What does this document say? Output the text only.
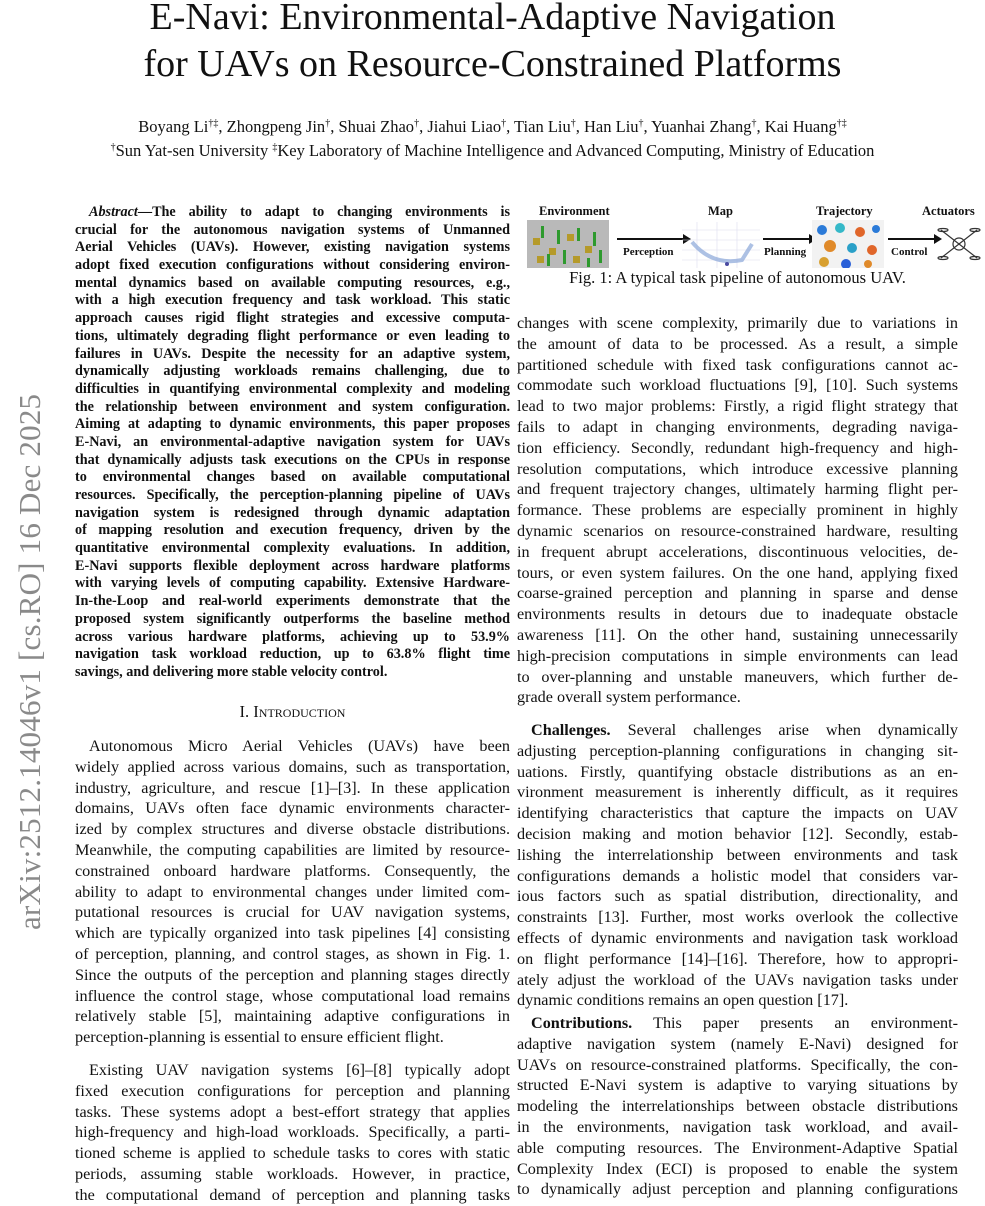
E-Navi: Environmental-Adaptive Navigation
for UAVs on Resource-Constrained Platforms
Boyang Li†‡, Zhongpeng Jin†, Shuai Zhao†, Jiahui Liao†, Tian Liu†, Han Liu†, Yuanhai Zhang†, Kai Huang†‡
†Sun Yat-sen University ‡Key Laboratory of Machine Intelligence and Advanced Computing, Ministry of Education
arXiv:2512.14046v1 [cs.RO] 16 Dec 2025
Abstract—The ability to adapt to changing environments is
crucial for the autonomous navigation systems of Unmanned
Aerial Vehicles (UAVs). However, existing navigation systems
adopt fixed execution configurations without considering environ-
mental dynamics based on available computing resources, e.g.,
with a high execution frequency and task workload. This static
approach causes rigid flight strategies and excessive computa-
tions, ultimately degrading flight performance or even leading to
failures in UAVs. Despite the necessity for an adaptive system,
dynamically adjusting workloads remains challenging, due to
difficulties in quantifying environmental complexity and modeling
the relationship between environment and system configuration.
Aiming at adapting to dynamic environments, this paper proposes
E-Navi, an environmental-adaptive navigation system for UAVs
that dynamically adjusts task executions on the CPUs in response
to environmental changes based on available computational
resources. Specifically, the perception-planning pipeline of UAVs
navigation system is redesigned through dynamic adaptation
of mapping resolution and execution frequency, driven by the
quantitative environmental complexity evaluations. In addition,
E-Navi supports flexible deployment across hardware platforms
with varying levels of computing capability. Extensive Hardware-
In-the-Loop and real-world experiments demonstrate that the
proposed system significantly outperforms the baseline method
across various hardware platforms, achieving up to 53.9%
navigation task workload reduction, up to 63.8% flight time
savings, and delivering more stable velocity control.
I. Introduction
Autonomous Micro Aerial Vehicles (UAVs) have been
widely applied across various domains, such as transportation,
industry, agriculture, and rescue [1]–[3]. In these application
domains, UAVs often face dynamic environments character-
ized by complex structures and diverse obstacle distributions.
Meanwhile, the computing capabilities are limited by resource-
constrained onboard hardware platforms. Consequently, the
ability to adapt to environmental changes under limited com-
putational resources is crucial for UAV navigation systems,
which are typically organized into task pipelines [4] consisting
of perception, planning, and control stages, as shown in Fig. 1.
Since the outputs of the perception and planning stages directly
influence the control stage, whose computational load remains
relatively stable [5], maintaining adaptive configurations in
perception-planning is essential to ensure efficient flight.
Existing UAV navigation systems [6]–[8] typically adopt
fixed execution configurations for perception and planning
tasks. These systems adopt a best-effort strategy that applies
high-frequency and high-load workloads. Specifically, a parti-
tioned scheme is applied to schedule tasks to cores with static
periods, assuming stable workloads. However, in practice,
the computational demand of perception and planning tasks
changes with scene complexity, primarily due to variations in
the amount of data to be processed. As a result, a simple
partitioned schedule with fixed task configurations cannot ac-
commodate such workload fluctuations [9], [10]. Such systems
lead to two major problems: Firstly, a rigid flight strategy that
fails to adapt in changing environments, degrading naviga-
tion efficiency. Secondly, redundant high-frequency and high-
resolution computations, which introduce excessive planning
and frequent trajectory changes, ultimately harming flight per-
formance. These problems are especially prominent in highly
dynamic scenarios on resource-constrained hardware, resulting
in frequent abrupt accelerations, discontinuous velocities, de-
tours, or even system failures. On the one hand, applying fixed
coarse-grained perception and planning in sparse and dense
environments results in detours due to inadequate obstacle
awareness [11]. On the other hand, sustaining unnecessarily
high-precision computations in simple environments can lead
to over-planning and unstable maneuvers, which further de-
grade overall system performance.
Challenges. Several challenges arise when dynamically
adjusting perception-planning configurations in changing sit-
uations. Firstly, quantifying obstacle distributions as an en-
vironment measurement is inherently difficult, as it requires
identifying characteristics that capture the impacts on UAV
decision making and motion behavior [12]. Secondly, estab-
lishing the interrelationship between environments and task
configurations demands a holistic model that considers var-
ious factors such as spatial distribution, directionality, and
constraints [13]. Further, most works overlook the collective
effects of dynamic environments and navigation task workload
on flight performance [14]–[16]. Therefore, how to appropri-
ately adjust the workload of the UAVs navigation tasks under
dynamic conditions remains an open question [17].
Contributions. This paper presents an environment-
adaptive navigation system (namely E-Navi) designed for
UAVs on resource-constrained platforms. Specifically, the con-
structed E-Navi system is adaptive to varying situations by
modeling the interrelationships between obstacle distributions
in the environments, navigation task workload, and avail-
able computing resources. The Environment-Adaptive Spatial
Complexity Index (ECI) is proposed to enable the system
to dynamically adjust perception and planning configurations
Environment	Map	Trajectory	Actuators
Perception	Planning	Control
Fig. 1: A typical task pipeline of autonomous UAV.
